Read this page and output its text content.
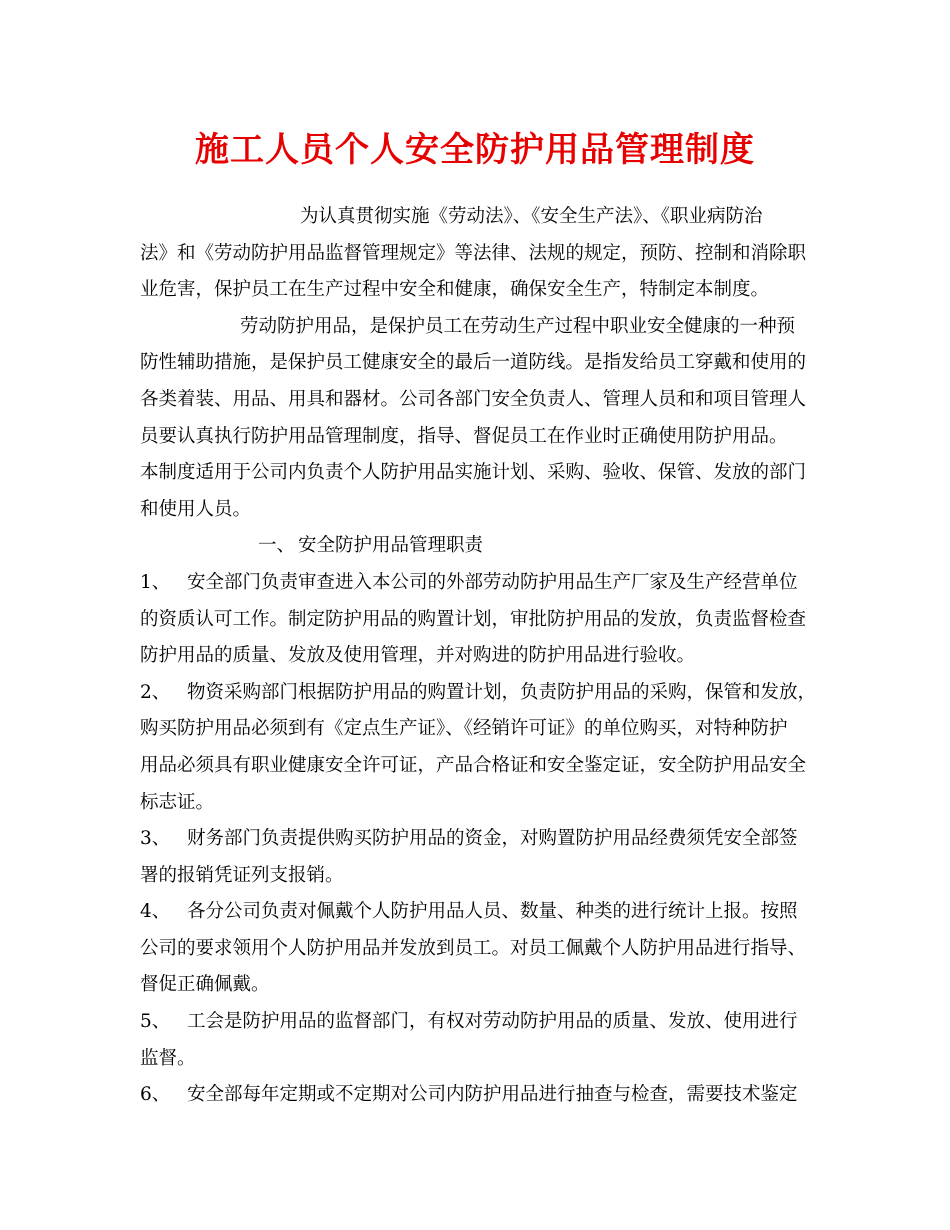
施工人员个人安全防护用品管理制度
为认真贯彻实施《劳动法》、《安全生产法》、《职业病防治
法》和《劳动防护用品监督管理规定》等法律、法规的规定，预防、控制和消除职
业危害，保护员工在生产过程中安全和健康，确保安全生产，特制定本制度。
劳动防护用品，是保护员工在劳动生产过程中职业安全健康的一种预
防性辅助措施，是保护员工健康安全的最后一道防线。是指发给员工穿戴和使用的
各类着装、用品、用具和器材。公司各部门安全负责人、管理人员和和项目管理人
员要认真执行防护用品管理制度，指导、督促员工在作业时正确使用防护用品。
本制度适用于公司内负责个人防护用品实施计划、采购、验收、保管、发放的部门
和使用人员。
一、 安全防护用品管理职责
1、 安全部门负责审查进入本公司的外部劳动防护用品生产厂家及生产经营单位
的资质认可工作。制定防护用品的购置计划，审批防护用品的发放，负责监督检查
防护用品的质量、发放及使用管理，并对购进的防护用品进行验收。
2、 物资采购部门根据防护用品的购置计划，负责防护用品的采购，保管和发放，
购买防护用品必须到有《定点生产证》、《经销许可证》的单位购买，对特种防护
用品必须具有职业健康安全许可证，产品合格证和安全鉴定证，安全防护用品安全
标志证。
3、 财务部门负责提供购买防护用品的资金，对购置防护用品经费须凭安全部签
署的报销凭证列支报销。
4、 各分公司负责对佩戴个人防护用品人员、数量、种类的进行统计上报。按照
公司的要求领用个人防护用品并发放到员工。对员工佩戴个人防护用品进行指导、
督促正确佩戴。
5、 工会是防护用品的监督部门，有权对劳动防护用品的质量、发放、使用进行
监督。
6、 安全部每年定期或不定期对公司内防护用品进行抽查与检查，需要技术鉴定
